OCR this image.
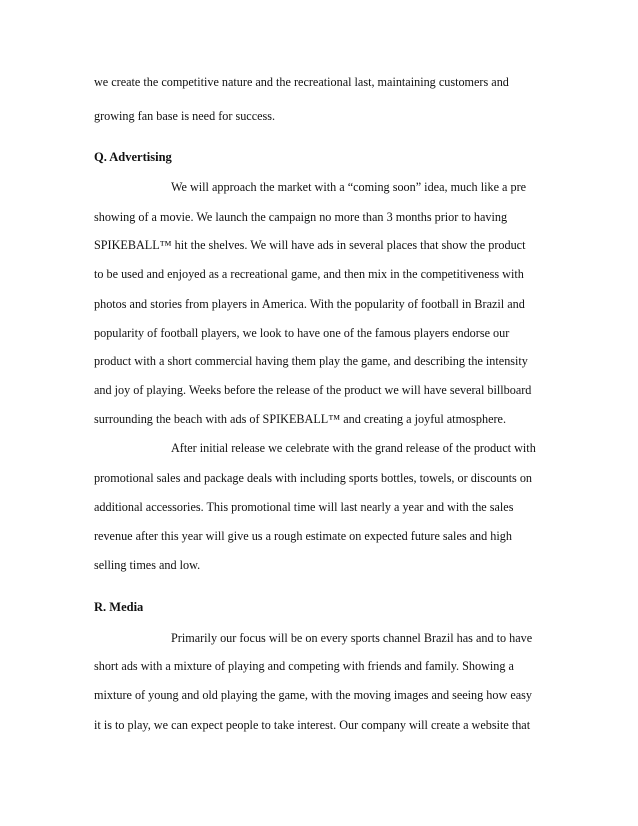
we create the competitive nature and the recreational last, maintaining customers and
growing fan base is need for success.
Q. Advertising
We will approach the market with a “coming soon” idea, much like a pre
showing of a movie. We launch the campaign no more than 3 months prior to having
SPIKEBALL™ hit the shelves. We will have ads in several places that show the product
to be used and enjoyed as a recreational game, and then mix in the competitiveness with
photos and stories from players in America. With the popularity of football in Brazil and
popularity of football players, we look to have one of the famous players endorse our
product with a short commercial having them play the game, and describing the intensity
and joy of playing. Weeks before the release of the product we will have several billboard
surrounding the beach with ads of SPIKEBALL™ and creating a joyful atmosphere.
After initial release we celebrate with the grand release of the product with
promotional sales and package deals with including sports bottles, towels, or discounts on
additional accessories. This promotional time will last nearly a year and with the sales
revenue after this year will give us a rough estimate on expected future sales and high
selling times and low.
R. Media
Primarily our focus will be on every sports channel Brazil has and to have
short ads with a mixture of playing and competing with friends and family. Showing a
mixture of young and old playing the game, with the moving images and seeing how easy
it is to play, we can expect people to take interest. Our company will create a website that
